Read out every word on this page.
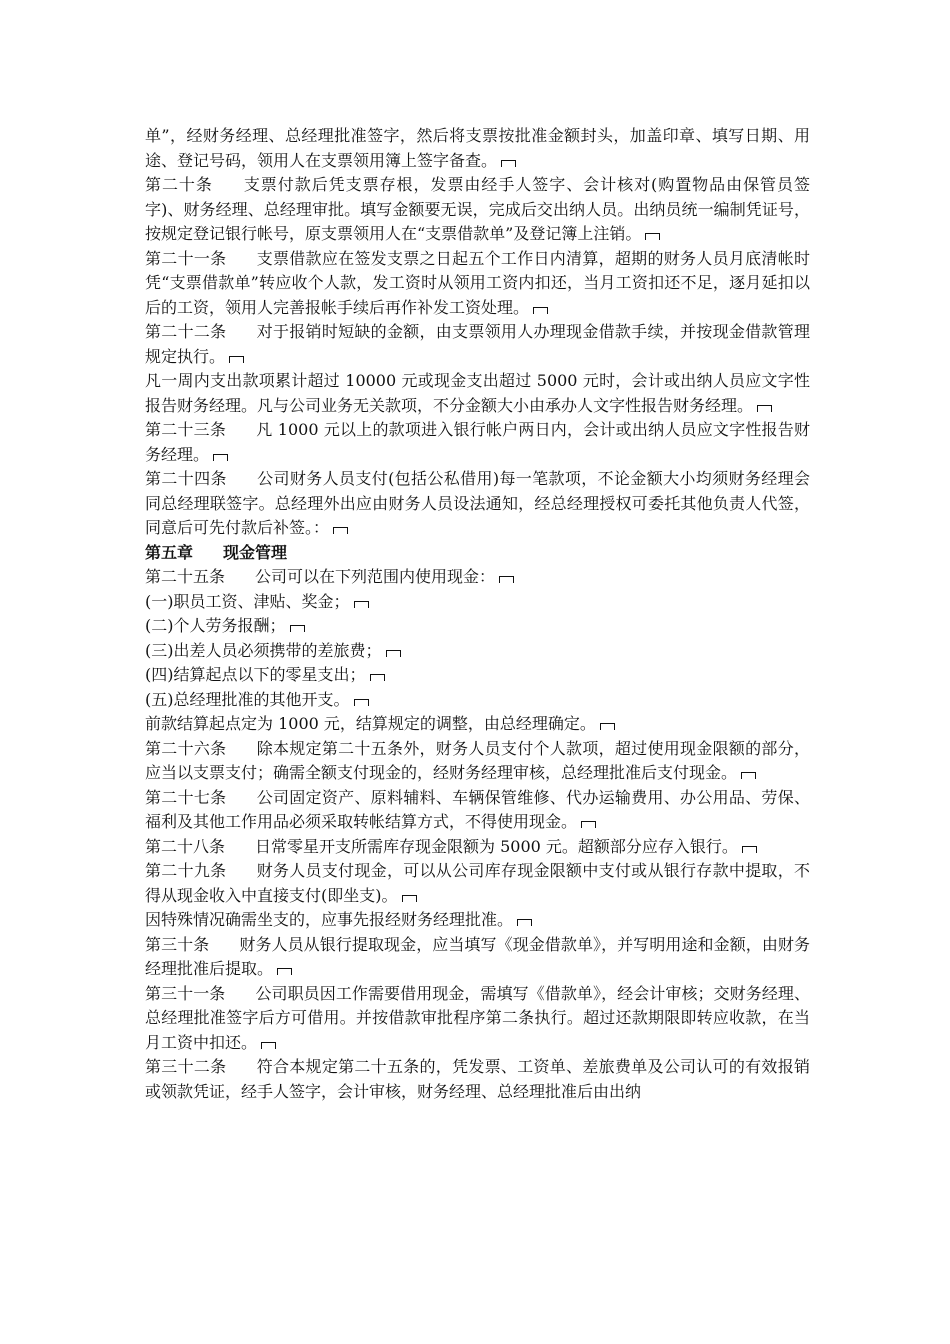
单”，经财务经理、总经理批准签字，然后将支票按批准金额封头，加盖印章、填写日期、用途、登记号码，领用人在支票领用簿上签字备查。
第二十条 支票付款后凭支票存根，发票由经手人签字、会计核对(购置物品由保管员签字)、财务经理、总经理审批。填写金额要无误，完成后交出纳人员。出纳员统一编制凭证号，按规定登记银行帐号，原支票领用人在“支票借款单”及登记簿上注销。
第二十一条 支票借款应在签发支票之日起五个工作日内清算，超期的财务人员月底清帐时凭“支票借款单”转应收个人款，发工资时从领用工资内扣还，当月工资扣还不足，逐月延扣以后的工资，领用人完善报帐手续后再作补发工资处理。
第二十二条 对于报销时短缺的金额，由支票领用人办理现金借款手续，并按现金借款管理规定执行。
凡一周内支出款项累计超过 10000 元或现金支出超过 5000 元时，会计或出纳人员应文字性报告财务经理。凡与公司业务无关款项，不分金额大小由承办人文字性报告财务经理。
第二十三条 凡 1000 元以上的款项进入银行帐户两日内，会计或出纳人员应文字性报告财务经理。
第二十四条 公司财务人员支付(包括公私借用)每一笔款项，不论金额大小均须财务经理会同总经理联签字。总经理外出应由财务人员设法通知，经总经理授权可委托其他负责人代签，同意后可先付款后补签。：
第五章 现金管理
第二十五条 公司可以在下列范围内使用现金：
(一)职员工资、津贴、奖金；
(二)个人劳务报酬；
(三)出差人员必须携带的差旅费；
(四)结算起点以下的零星支出；
(五)总经理批准的其他开支。
前款结算起点定为 1000 元，结算规定的调整，由总经理确定。
第二十六条 除本规定第二十五条外，财务人员支付个人款项，超过使用现金限额的部分，应当以支票支付；确需全额支付现金的，经财务经理审核，总经理批准后支付现金。
第二十七条 公司固定资产、原料辅料、车辆保管维修、代办运输费用、办公用品、劳保、福利及其他工作用品必须采取转帐结算方式，不得使用现金。
第二十八条 日常零星开支所需库存现金限额为 5000 元。超额部分应存入银行。
第二十九条 财务人员支付现金，可以从公司库存现金限额中支付或从银行存款中提取，不得从现金收入中直接支付(即坐支)。
因特殊情况确需坐支的，应事先报经财务经理批准。
第三十条 财务人员从银行提取现金，应当填写《现金借款单》，并写明用途和金额，由财务经理批准后提取。
第三十一条 公司职员因工作需要借用现金，需填写《借款单》，经会计审核；交财务经理、总经理批准签字后方可借用。并按借款审批程序第二条执行。超过还款期限即转应收款，在当月工资中扣还。
第三十二条 符合本规定第二十五条的，凭发票、工资单、差旅费单及公司认可的有效报销或领款凭证，经手人签字，会计审核，财务经理、总经理批准后由出纳
